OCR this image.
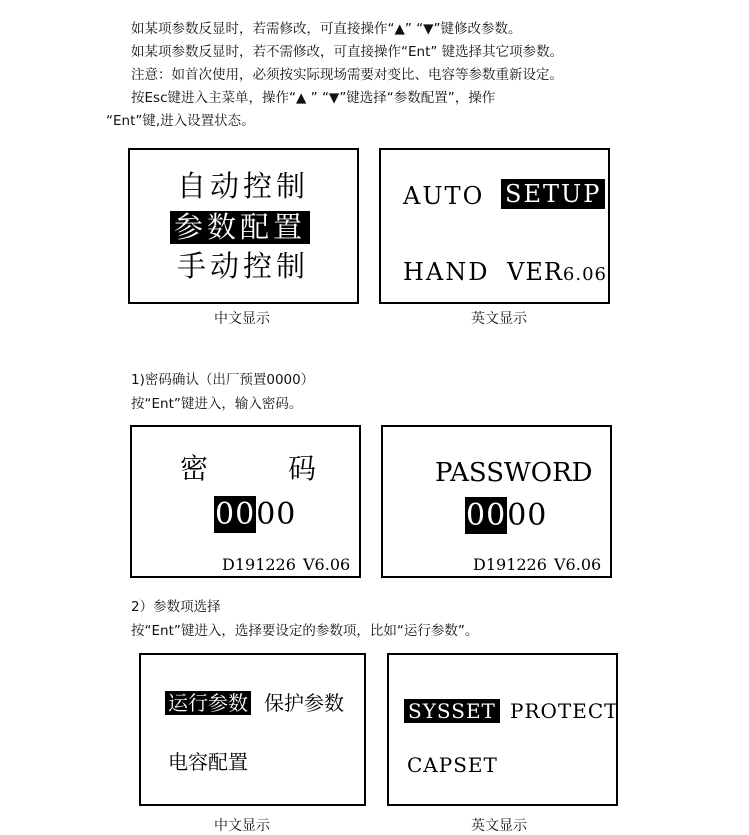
如某项参数反显时，若需修改，可直接操作“▲” “▼”键修改参数。
如某项参数反显时，若不需修改，可直接操作“Ent” 键选择其它项参数。
注意：如首次使用，必须按实际现场需要对变比、电容等参数重新设定。
按Esc键进入主菜单，操作“▲ ” “▼”键选择“参数配置”，操作
“Ent”键,进入设置状态。
自动控制
参数配置
手动控制
中文显示
AUTO SETUP
HAND VER6.06
英文显示
1)密码确认（出厂预置0000）
按“Ent”键进入，输入密码。
密	码
0000
D191226 V6.06
PASSWORD
0000
D191226 V6.06
2）参数项选择
按“Ent”键进入，选择要设定的参数项，比如“运行参数”。
运行参数 保护参数
电容配置
中文显示
SYSSET PROTECT
CAPSET
英文显示
